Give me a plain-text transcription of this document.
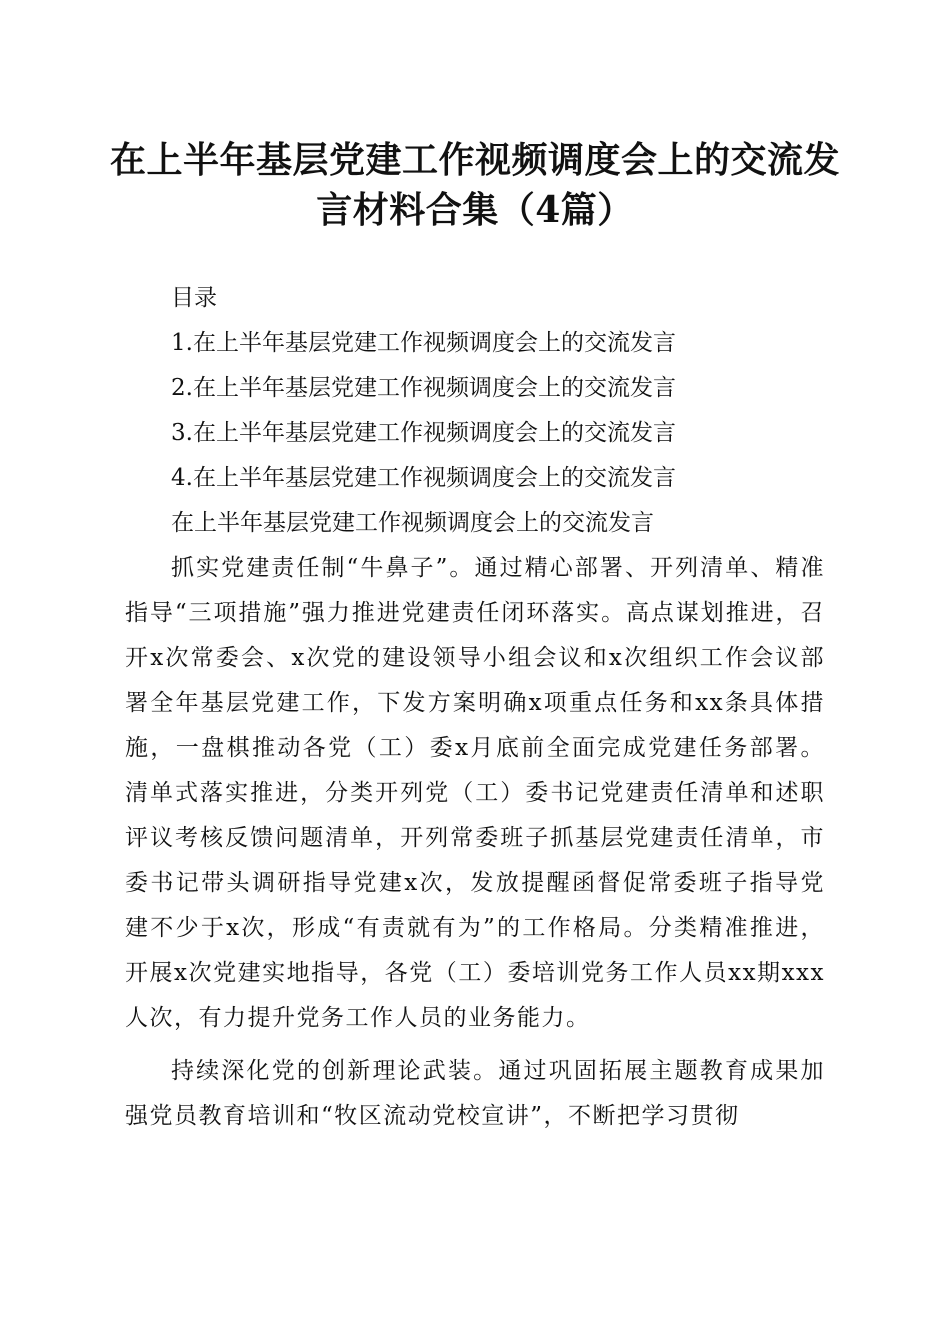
在上半年基层党建工作视频调度会上的交流发
言材料合集（4篇）
目录
1.在上半年基层党建工作视频调度会上的交流发言
2.在上半年基层党建工作视频调度会上的交流发言
3.在上半年基层党建工作视频调度会上的交流发言
4.在上半年基层党建工作视频调度会上的交流发言
在上半年基层党建工作视频调度会上的交流发言

抓实党建责任制“牛鼻子”。通过精心部署、开列清单、精准指导“三项措施”强力推进党建责任闭环落实。高点谋划推进，召开x次常委会、x次党的建设领导小组会议和x次组织工作会议部署全年基层党建工作，下发方案明确x项重点任务和xx条具体措施，一盘棋推动各党（工）委x月底前全面完成党建任务部署。清单式落实推进，分类开列党（工）委书记党建责任清单和述职评议考核反馈问题清单，开列常委班子抓基层党建责任清单，市委书记带头调研指导党建x次，发放提醒函督促常委班子指导党建不少于x次，形成“有责就有为”的工作格局。分类精准推进，开展x次党建实地指导，各党（工）委培训党务工作人员xx期xxx人次，有力提升党务工作人员的业务能力。

持续深化党的创新理论武装。通过巩固拓展主题教育成果加强党员教育培训和“牧区流动党校宣讲”，不断把学习贯彻
